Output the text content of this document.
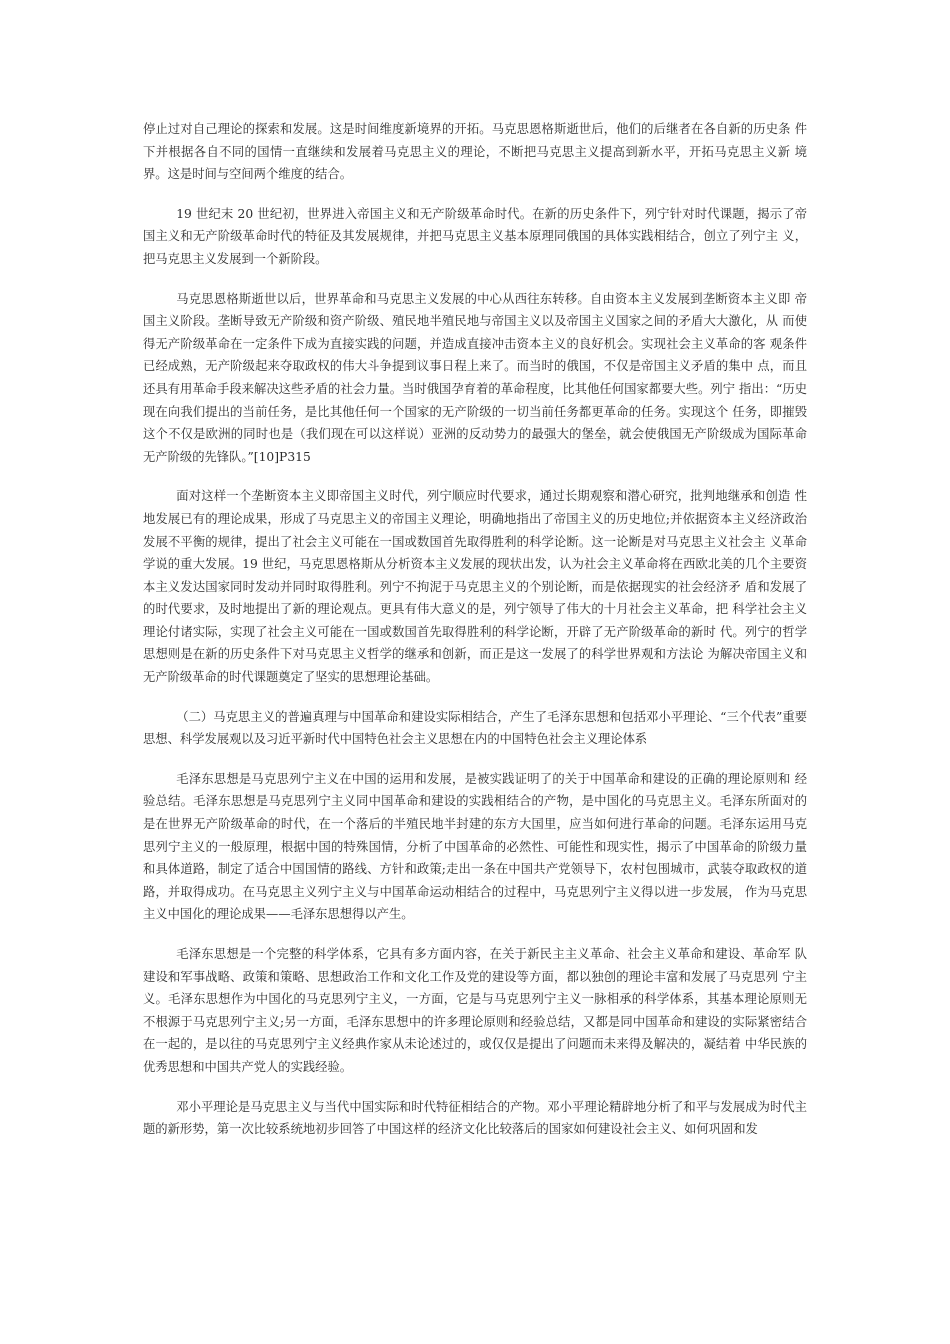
停止过对自己理论的探索和发展。这是时间维度新境界的开拓。马克思恩格斯逝世后，他们的后继者在各自新的历史条 件下并根据各自不同的国情一直继续和发展着马克思主义的理论，不断把马克思主义提高到新水平，开拓马克思主义新 境界。这是时间与空间两个维度的结合。

19 世纪末 20 世纪初，世界进入帝国主义和无产阶级革命时代。在新的历史条件下，列宁针对时代课题，揭示了帝国主义和无产阶级革命时代的特征及其发展规律，并把马克思主义基本原理同俄国的具体实践相结合，创立了列宁主 义，把马克思主义发展到一个新阶段。

马克思恩格斯逝世以后，世界革命和马克思主义发展的中心从西往东转移。自由资本主义发展到垄断资本主义即 帝国主义阶段。垄断导致无产阶级和资产阶级、殖民地半殖民地与帝国主义以及帝国主义国家之间的矛盾大大激化，从 而使得无产阶级革命在一定条件下成为直接实践的问题，并造成直接冲击资本主义的良好机会。实现社会主义革命的客 观条件已经成熟，无产阶级起来夺取政权的伟大斗争提到议事日程上来了。而当时的俄国，不仅是帝国主义矛盾的集中 点，而且还具有用革命手段来解决这些矛盾的社会力量。当时俄国孕育着的革命程度，比其他任何国家都要大些。列宁 指出：“历史现在向我们提出的当前任务，是比其他任何一个国家的无产阶级的一切当前任务都更革命的任务。实现这个 任务，即摧毁这个不仅是欧洲的同时也是（我们现在可以这样说）亚洲的反动势力的最强大的堡垒，就会使俄国无产阶级成为国际革命无产阶级的先锋队。”[10]P315

面对这样一个垄断资本主义即帝国主义时代，列宁顺应时代要求，通过长期观察和潜心研究，批判地继承和创造 性地发展已有的理论成果，形成了马克思主义的帝国主义理论，明确地指出了帝国主义的历史地位;并依据资本主义经济政治发展不平衡的规律，提出了社会主义可能在一国或数国首先取得胜利的科学论断。这一论断是对马克思主义社会主 义革命学说的重大发展。19 世纪，马克思恩格斯从分析资本主义发展的现状出发，认为社会主义革命将在西欧北美的几个主要资本主义发达国家同时发动并同时取得胜利。列宁不拘泥于马克思主义的个别论断，而是依据现实的社会经济矛 盾和发展了的时代要求，及时地提出了新的理论观点。更具有伟大意义的是，列宁领导了伟大的十月社会主义革命，把 科学社会主义理论付诸实际，实现了社会主义可能在一国或数国首先取得胜利的科学论断，开辟了无产阶级革命的新时 代。列宁的哲学思想则是在新的历史条件下对马克思主义哲学的继承和创新，而正是这一发展了的科学世界观和方法论 为解决帝国主义和无产阶级革命的时代课题奠定了坚实的思想理论基础。

（二）马克思主义的普遍真理与中国革命和建设实际相结合，产生了毛泽东思想和包括邓小平理论、“三个代表”重要思想、科学发展观以及习近平新时代中国特色社会主义思想在内的中国特色社会主义理论体系

毛泽东思想是马克思列宁主义在中国的运用和发展，是被实践证明了的关于中国革命和建设的正确的理论原则和 经验总结。毛泽东思想是马克思列宁主义同中国革命和建设的实践相结合的产物，是中国化的马克思主义。毛泽东所面对的是在世界无产阶级革命的时代，在一个落后的半殖民地半封建的东方大国里，应当如何进行革命的问题。毛泽东运用马克思列宁主义的一般原理，根据中国的特殊国情，分析了中国革命的必然性、可能性和现实性，揭示了中国革命的阶级力量和具体道路，制定了适合中国国情的路线、方针和政策;走出一条在中国共产党领导下，农村包围城市，武装夺取政权的道路，并取得成功。在马克思主义列宁主义与中国革命运动相结合的过程中，马克思列宁主义得以进一步发展， 作为马克思主义中国化的理论成果——毛泽东思想得以产生。

毛泽东思想是一个完整的科学体系，它具有多方面内容，在关于新民主主义革命、社会主义革命和建设、革命军 队建设和军事战略、政策和策略、思想政治工作和文化工作及党的建设等方面，都以独创的理论丰富和发展了马克思列 宁主义。毛泽东思想作为中国化的马克思列宁主义，一方面，它是与马克思列宁主义一脉相承的科学体系，其基本理论原则无不根源于马克思列宁主义;另一方面，毛泽东思想中的许多理论原则和经验总结，又都是同中国革命和建设的实际紧密结合在一起的，是以往的马克思列宁主义经典作家从未论述过的，或仅仅是提出了问题而未来得及解决的，凝结着 中华民族的优秀思想和中国共产党人的实践经验。

邓小平理论是马克思主义与当代中国实际和时代特征相结合的产物。邓小平理论精辟地分析了和平与发展成为时代主题的新形势，第一次比较系统地初步回答了中国这样的经济文化比较落后的国家如何建设社会主义、如何巩固和发
